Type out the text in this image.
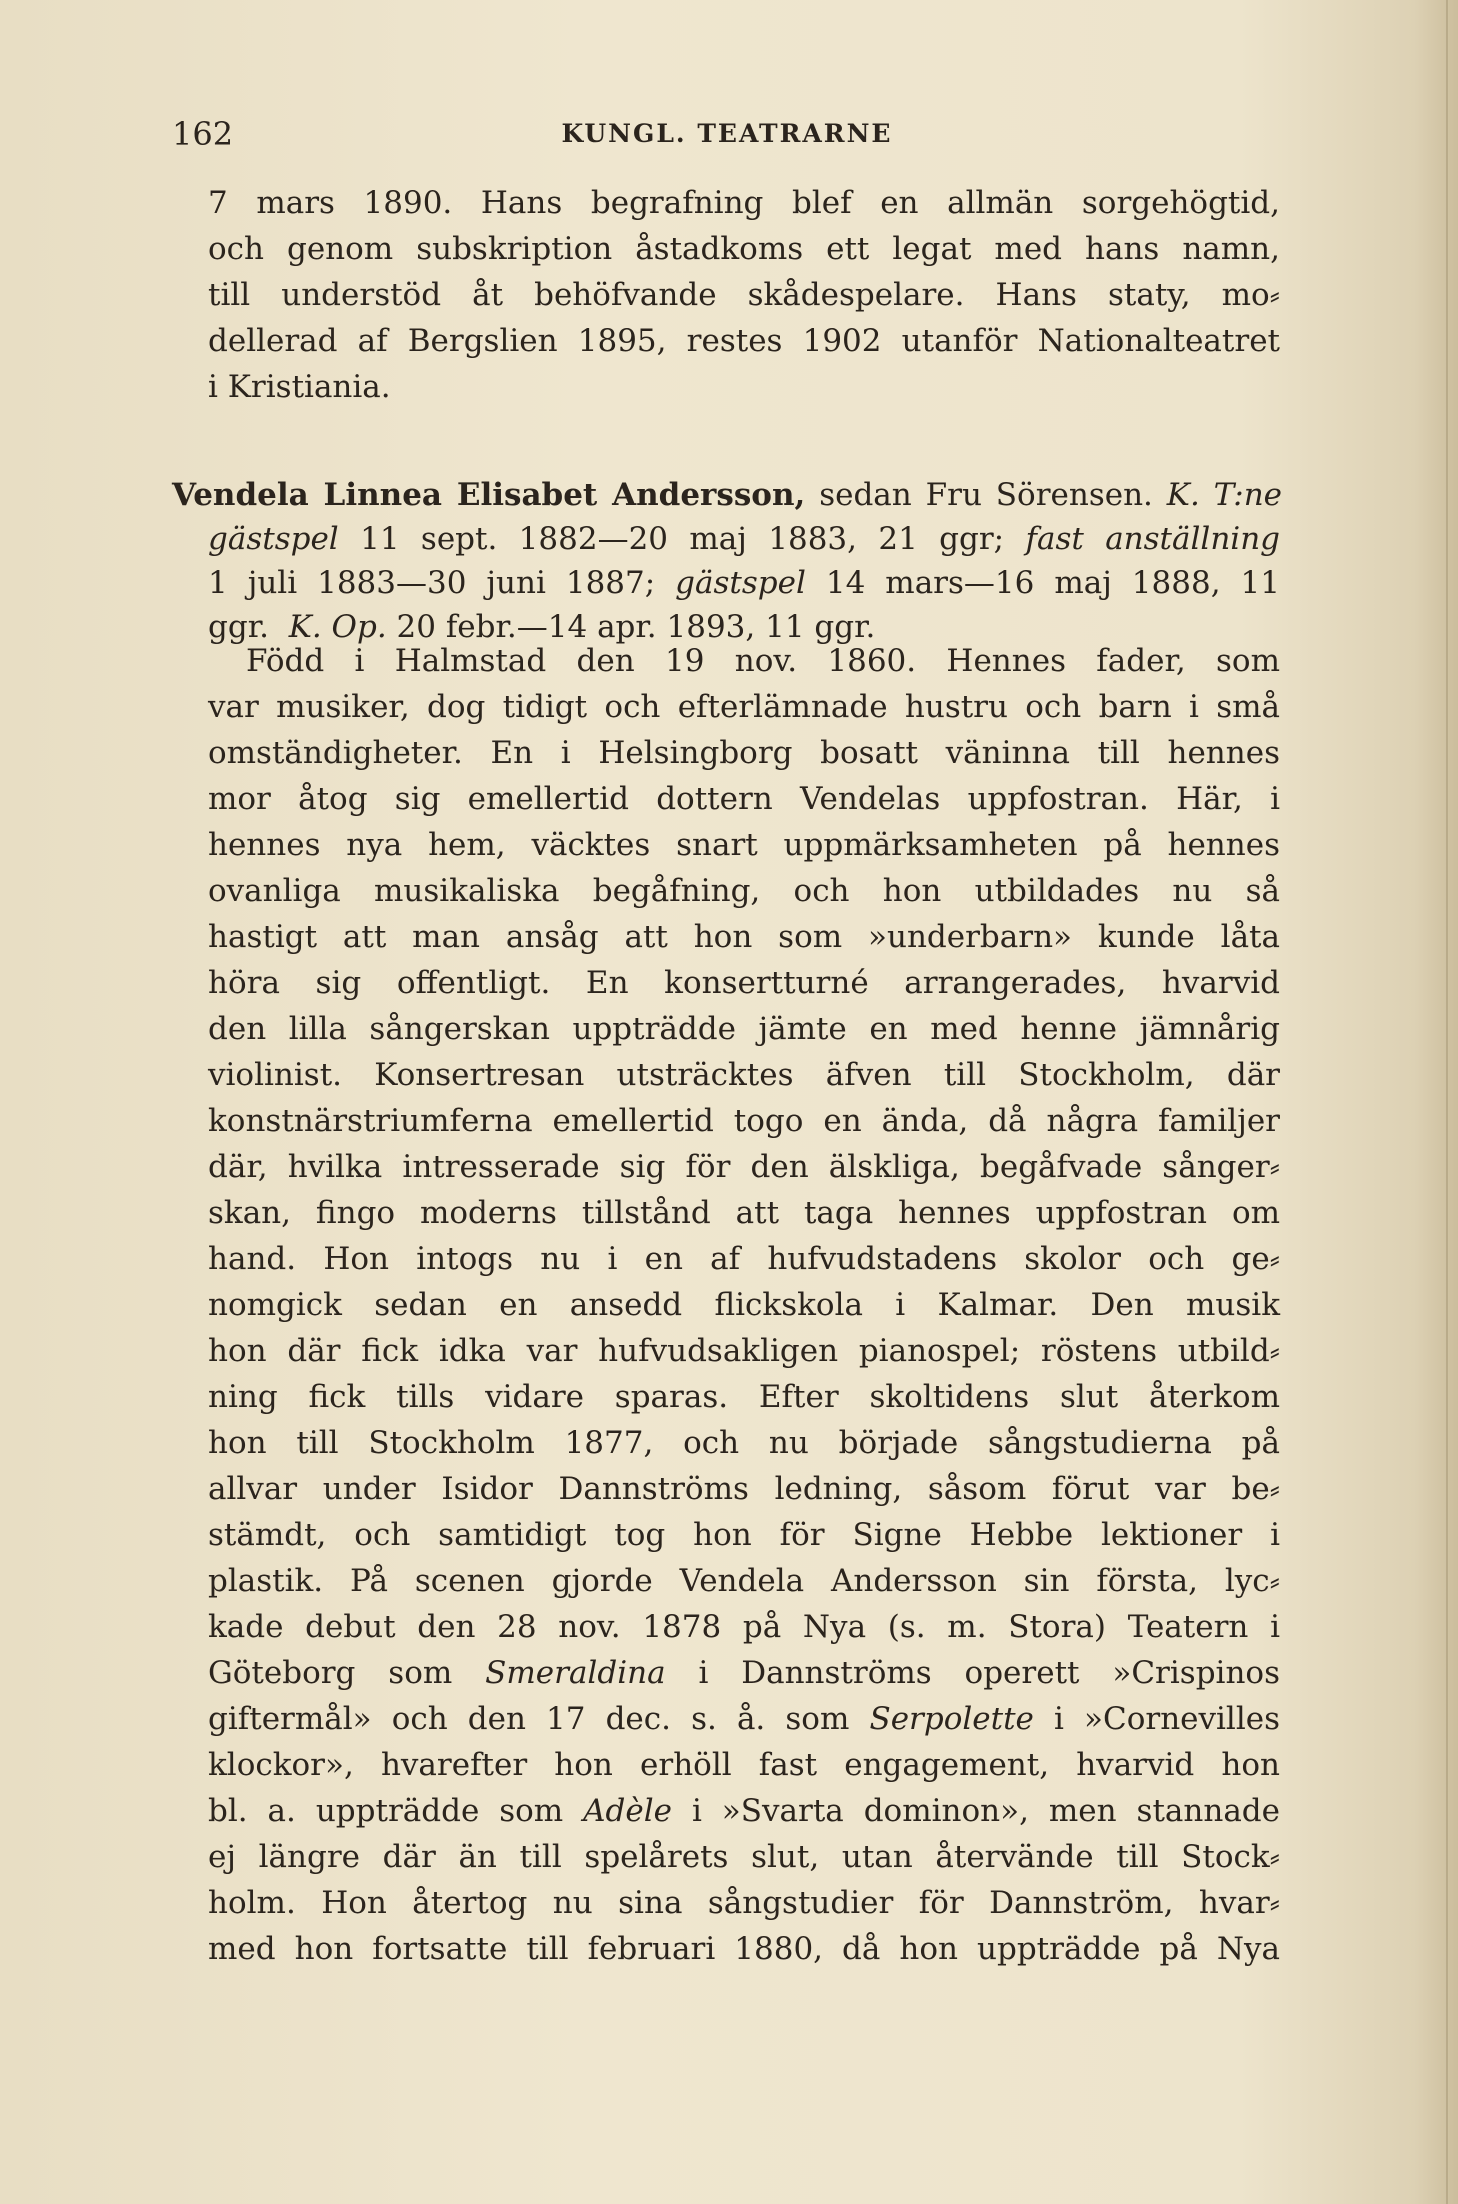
162	KUNGL. TEATRARNE
7 mars 1890. Hans begrafning blef en allmän sorgehögtid,
och genom subskription åstadkoms ett legat med hans namn,
till understöd åt behöfvande skådespelare. Hans staty, mo⸗
dellerad af Bergslien 1895, restes 1902 utanför Nationalteatret
i Kristiania.
Vendela Linnea Elisabet Andersson, sedan Fru Sörensen. K. T:ne
gästspel 11 sept. 1882—20 maj 1883, 21 ggr; fast anställning
1 juli 1883—30 juni 1887; gästspel 14 mars—16 maj 1888, 11
ggr. K. Op. 20 febr.—14 apr. 1893, 11 ggr.
Född i Halmstad den 19 nov. 1860. Hennes fader, som
var musiker, dog tidigt och efterlämnade hustru och barn i små
omständigheter. En i Helsingborg bosatt väninna till hennes
mor åtog sig emellertid dottern Vendelas uppfostran. Här, i
hennes nya hem, väcktes snart uppmärksamheten på hennes
ovanliga musikaliska begåfning, och hon utbildades nu så
hastigt att man ansåg att hon som »underbarn» kunde låta
höra sig offentligt. En konsertturné arrangerades, hvarvid
den lilla sångerskan uppträdde jämte en med henne jämnårig
violinist. Konsertresan utsträcktes äfven till Stockholm, där
konstnärstriumferna emellertid togo en ända, då några familjer
där, hvilka intresserade sig för den älskliga, begåfvade sånger⸗
skan, fingo moderns tillstånd att taga hennes uppfostran om
hand. Hon intogs nu i en af hufvudstadens skolor och ge⸗
nomgick sedan en ansedd flickskola i Kalmar. Den musik
hon där fick idka var hufvudsakligen pianospel; röstens utbild⸗
ning fick tills vidare sparas. Efter skoltidens slut återkom
hon till Stockholm 1877, och nu började sångstudierna på
allvar under Isidor Dannströms ledning, såsom förut var be⸗
stämdt, och samtidigt tog hon för Signe Hebbe lektioner i
plastik. På scenen gjorde Vendela Andersson sin första, lyc⸗
kade debut den 28 nov. 1878 på Nya (s. m. Stora) Teatern i
Göteborg som Smeraldina i Dannströms operett »Crispinos
giftermål» och den 17 dec. s. å. som Serpolette i »Cornevilles
klockor», hvarefter hon erhöll fast engagement, hvarvid hon
bl. a. uppträdde som Adèle i »Svarta dominon», men stannade
ej längre där än till spelårets slut, utan återvände till Stock⸗
holm. Hon återtog nu sina sångstudier för Dannström, hvar⸗
med hon fortsatte till februari 1880, då hon uppträdde på Nya
